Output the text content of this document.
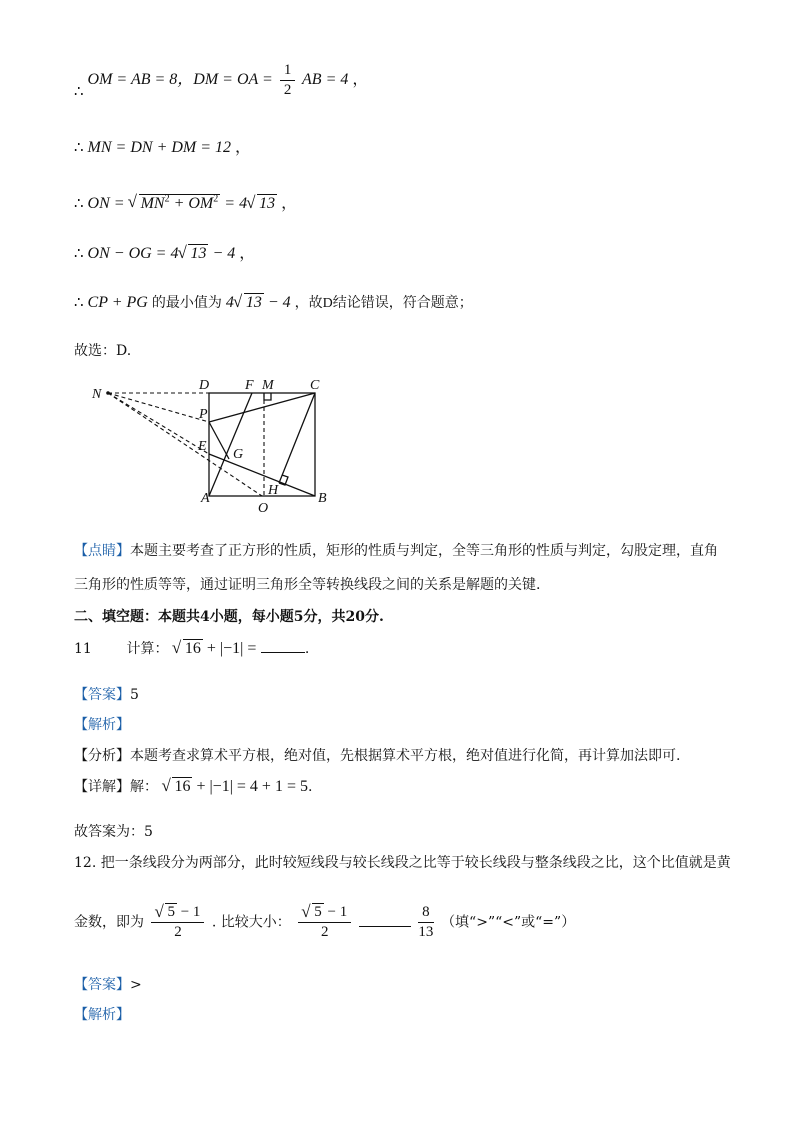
∴ OM = AB = 8，DM = OA = $\frac{1}{2}$ AB = 4 ，
∴ MN = DN + DM = 12 ，
∴ ON = √ $MN^2 + OM^2 = 4√$ 13 ，
∴ ON − OG = 4√ 13 − 4 ，
∴ CP + PG 的最小值为 4√ 13 − 4 ，故D结论错误，符合题意；
故选：D.
N
D	F M	C
P
E
G
A
H
O
B
【点睛】本题主要考查了正方形的性质，矩形的性质与判定，全等三角形的性质与判定，勾股定理，直角
三角形的性质等等，通过证明三角形全等转换线段之间的关系是解题的关键.
二、填空题：本题共4小题，每小题5分，共20分.
11 计算： √ 16 + |−1| =	.
【答案】5
【解析】
【分析】本题考查求算术平方根，绝对值，先根据算术平方根，绝对值进行化简，再计算加法即可.
【详解】解： √ 16 + |−1| = 4 + 1 = 5.
故答案为：5
12. 把一条线段分为两部分，此时较短线段与较长线段之比等于较长线段与整条线段之比，这个比值就是黄
金数，即为
√ $\frac{5 - 1}{2}$ . 比较大小：
√ $\frac{5 - 1}{2}$
	$\frac{8}{13}$ （填“>”“<”或“=”）
【答案】>
【解析】
